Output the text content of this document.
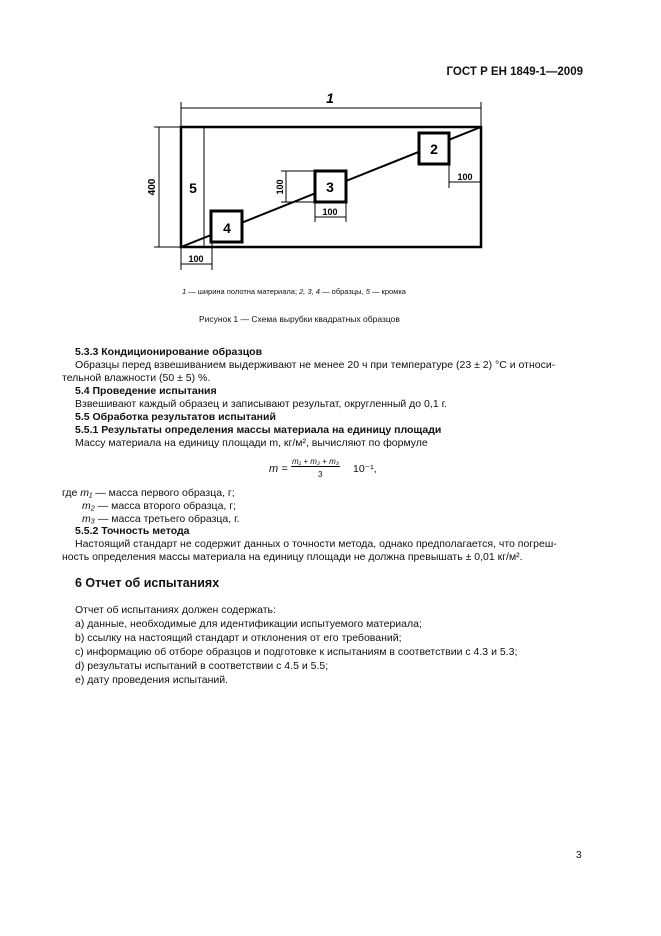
ГОСТ Р ЕН 1849-1—2009
1
400 5
2
3
4
100
100
100
100
1 — ширина полотна материала; 2, 3, 4 — образцы, 5 — кромка
Рисунок 1 — Схема вырубки квадратных образцов
5.3.3 Кондиционирование образцов
Образцы перед взвешиванием выдерживают не менее 20 ч при температуре (23 ± 2) °С и относи-
тельной влажности (50 ± 5) %.
5.4 Проведение испытания
Взвешивают каждый образец и записывают результат, округленный до 0,1 г.
5.5 Обработка результатов испытаний
5.5.1 Результаты определения массы материала на единицу площади
Массу материала на единицу площади m, кг/м², вычисляют по формуле
m =
m₁ + m₂ + m₃
3	10⁻¹,
где m₁ — масса первого образца, г;
m₂ — масса второго образца, г;
m₃ — масса третьего образца, г.
5.5.2 Точность метода
Настоящий стандарт не содержит данных о точности метода, однако предполагается, что погреш-
ность определения массы материала на единицу площади не должна превышать ± 0,01 кг/м².
6 Отчет об испытаниях
Отчет об испытаниях должен содержать:
a) данные, необходимые для идентификации испытуемого материала;
b) ссылку на настоящий стандарт и отклонения от его требований;
c) информацию об отборе образцов и подготовке к испытаниям в соответствии с 4.3 и 5.3;
d) результаты испытаний в соответствии с 4.5 и 5.5;
e) дату проведения испытаний.
3
